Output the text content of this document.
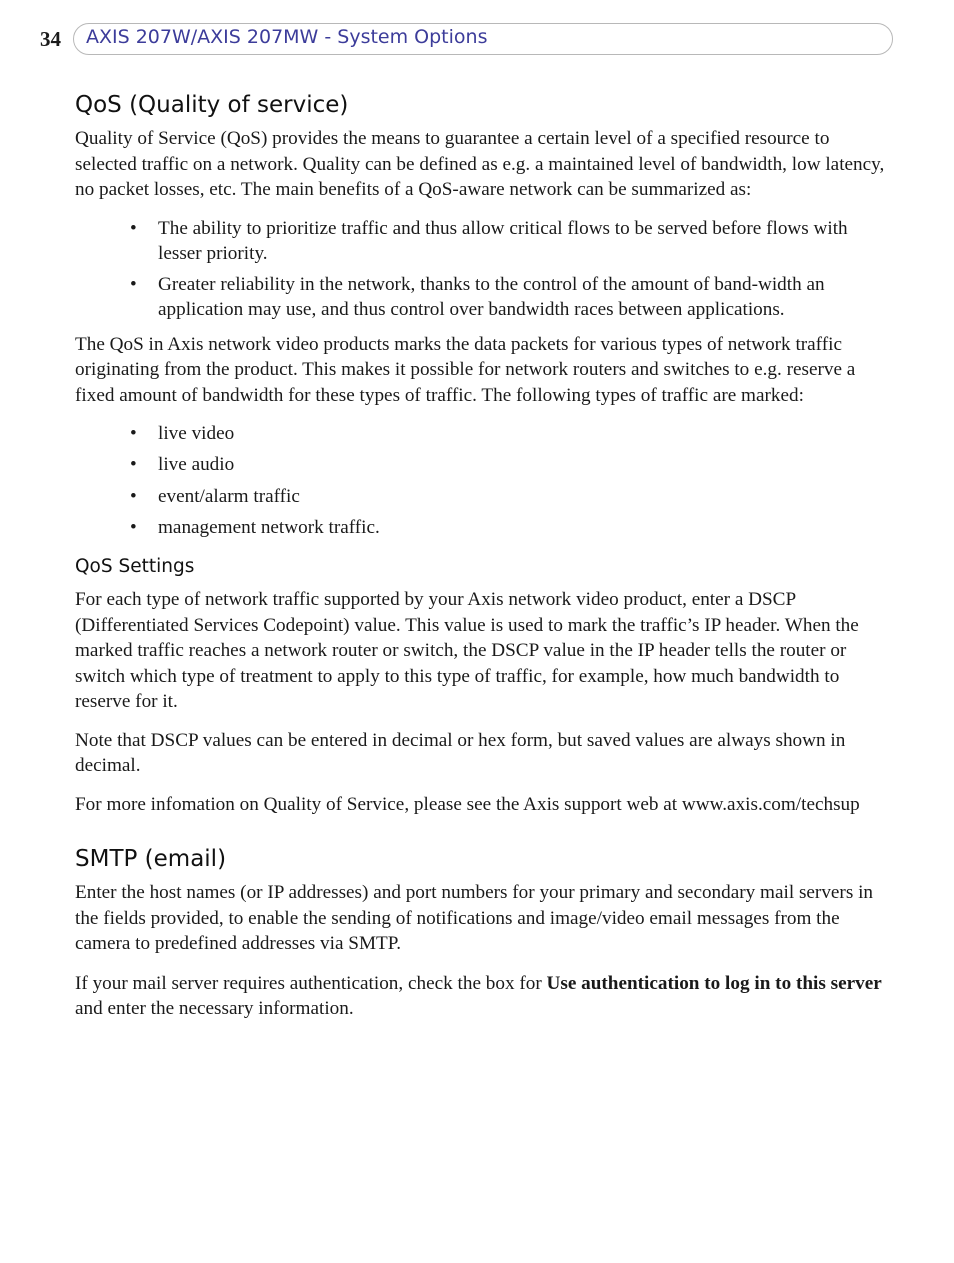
34 AXIS 207W/AXIS 207MW - System Options
QoS (Quality of service)

Quality of Service (QoS) provides the means to guarantee a certain level of a specified resource to selected traffic on a network. Quality can be defined as e.g. a maintained level of bandwidth, low latency, no packet losses, etc. The main benefits of a QoS-aware network can be summarized as:

• The ability to prioritize traffic and thus allow critical flows to be served before flows with lesser priority.
• Greater reliability in the network, thanks to the control of the amount of band-width an application may use, and thus control over bandwidth races between applications.

The QoS in Axis network video products marks the data packets for various types of network traffic originating from the product. This makes it possible for network routers and switches to e.g. reserve a fixed amount of bandwidth for these types of traffic. The following types of traffic are marked:

• live video
• live audio
• event/alarm traffic
• management network traffic.
QoS Settings

For each type of network traffic supported by your Axis network video product, enter a DSCP (Differentiated Services Codepoint) value. This value is used to mark the traffic’s IP header. When the marked traffic reaches a network router or switch, the DSCP value in the IP header tells the router or switch which type of treatment to apply to this type of traffic, for example, how much bandwidth to reserve for it.

Note that DSCP values can be entered in decimal or hex form, but saved values are always shown in decimal.

For more infomation on Quality of Service, please see the Axis support web at www.axis.com/techsup

SMTP (email)

Enter the host names (or IP addresses) and port numbers for your primary and secondary mail servers in the fields provided, to enable the sending of notifications and image/video email messages from the camera to predefined addresses via SMTP.

If your mail server requires authentication, check the box for Use authentication to log in to this server and enter the necessary information.
